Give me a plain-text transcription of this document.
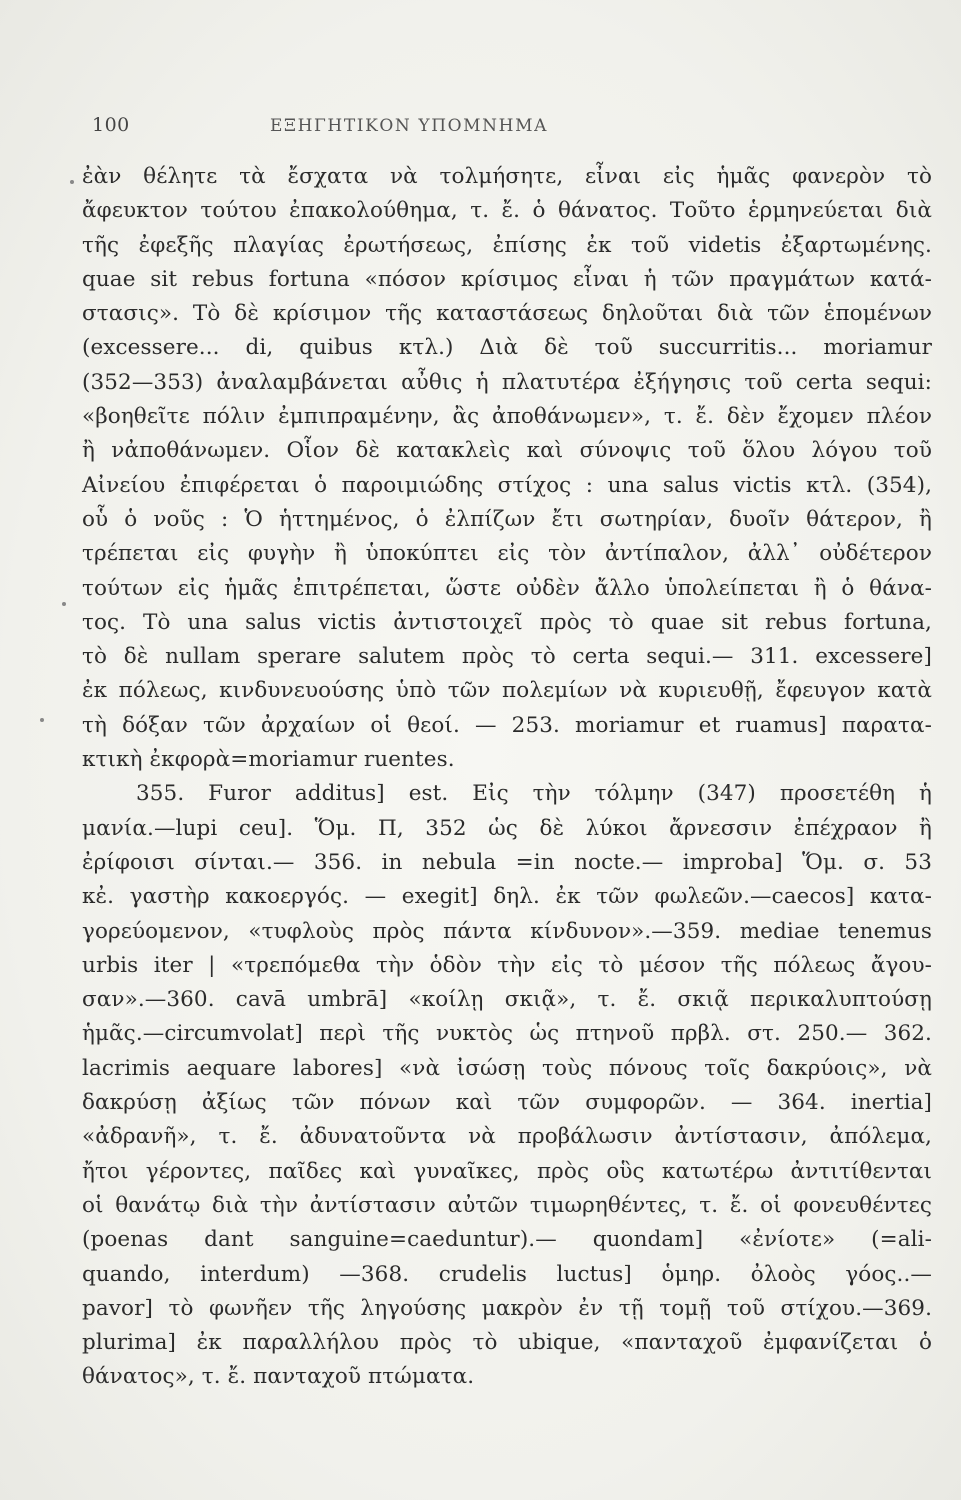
100	ΕΞΗΓΗΤΙΚΟΝ ΥΠΟΜΝΗΜΑ
ἐὰν θέλητε τὰ ἔσχατα νὰ τολμήσητε, εἶναι εἰς ἡμᾶς φανερὸν τὸ
ἄφευκτον τούτου ἐπακολούθημα, τ. ἔ. ὁ θάνατος. Τοῦτο ἑρμηνεύεται διὰ
τῆς ἐφεξῆς πλαγίας ἐρωτήσεως, ἐπίσης ἐκ τοῦ videtis ἐξαρτωμένης.
quae sit rebus fortuna «πόσον κρίσιμος εἶναι ἡ τῶν πραγμάτων κατά-
στασις». Τὸ δὲ κρίσιμον τῆς καταστάσεως δηλοῦται διὰ τῶν ἑπομένων
(excessere... di, quibus κτλ.) Διὰ δὲ τοῦ succurritis... moriamur
(352—353) ἀναλαμβάνεται αὖθις ἡ πλατυτέρα ἐξήγησις τοῦ certa sequi:
«βοηθεῖτε πόλιν ἐμπιπραμένην, ἂς ἀποθάνωμεν», τ. ἔ. δὲν ἔχομεν πλέον
ἢ νἀποθάνωμεν. Οἷον δὲ κατακλεὶς καὶ σύνοψις τοῦ ὅλου λόγου τοῦ
Αἰνείου ἐπιφέρεται ὁ παροιμιώδης στίχος : una salus victis κτλ. (354),
οὗ ὁ νοῦς : Ὁ ἡττημένος, ὁ ἐλπίζων ἔτι σωτηρίαν, δυοῖν θάτερον, ἢ
τρέπεται εἰς φυγὴν ἢ ὑποκύπτει εἰς τὸν ἀντίπαλον, ἀλλ᾽ οὐδέτερον
τούτων εἰς ἡμᾶς ἐπιτρέπεται, ὥστε οὐδὲν ἄλλο ὑπολείπεται ἢ ὁ θάνα-
τος. Τὸ una salus victis ἀντιστοιχεῖ πρὸς τὸ quae sit rebus fortuna,
τὸ δὲ nullam sperare salutem πρὸς τὸ certa sequi.— 311. excessere]
ἐκ πόλεως, κινδυνευούσης ὑπὸ τῶν πολεμίων νὰ κυριευθῇ, ἔφευγον κατὰ
τὴ δόξαν τῶν ἀρχαίων οἱ θεοί. — 253. moriamur et ruamus] παρατα-
κτικὴ ἐκφορὰ=moriamur ruentes.
355. Furor additus] est. Εἰς τὴν τόλμην (347) προσετέθη ἡ
μανία.—lupi ceu]. Ὅμ. Π, 352 ὡς δὲ λύκοι ἄρνεσσιν ἐπέχραον ἢ
ἐρίφοισι σίνται.— 356. in nebula =in nocte.— improba] Ὅμ. σ. 53
κἐ. γαστὴρ κακοεργός. — exegit] δηλ. ἐκ τῶν φωλεῶν.—caecos] κατα-
γορεύομενον, «τυφλοὺς πρὸς πάντα κίνδυνον».—359. mediae tenemus
urbis iter | «τρεπόμεθα τὴν ὁδὸν τὴν εἰς τὸ μέσον τῆς πόλεως ἄγου-
σαν».—360. cavā umbrā] «κοίλῃ σκιᾷ», τ. ἔ. σκιᾷ περικαλυπτούσῃ
ἡμᾶς.—circumvolat] περὶ τῆς νυκτὸς ὡς πτηνοῦ πρβλ. στ. 250.— 362.
lacrimis aequare labores] «νὰ ἰσώσῃ τοὺς πόνους τοῖς δακρύοις», νὰ
δακρύσῃ ἀξίως τῶν πόνων καὶ τῶν συμφορῶν. — 364. inertia]
«ἀδρανῆ», τ. ἔ. ἀδυνατοῦντα νὰ προβάλωσιν ἀντίστασιν, ἀπόλεμα,
ἤτοι γέροντες, παῖδες καὶ γυναῖκες, πρὸς οὓς κατωτέρω ἀντιτίθενται
οἱ θανάτῳ διὰ τὴν ἀντίστασιν αὐτῶν τιμωρηθέντες, τ. ἔ. οἱ φονευθέντες
(poenas dant sanguine=caeduntur).— quondam] «ἐνίοτε» (=ali-
quando, interdum) —368. crudelis luctus] ὁμηρ. ὀλοὸς γόος..—
pavor] τὸ φωνῆεν τῆς ληγούσης μακρὸν ἐν τῇ τομῇ τοῦ στίχου.—369.
plurima] ἐκ παραλλήλου πρὸς τὸ ubique, «πανταχοῦ ἐμφανίζεται ὁ
θάνατος», τ. ἔ. πανταχοῦ πτώματα.
